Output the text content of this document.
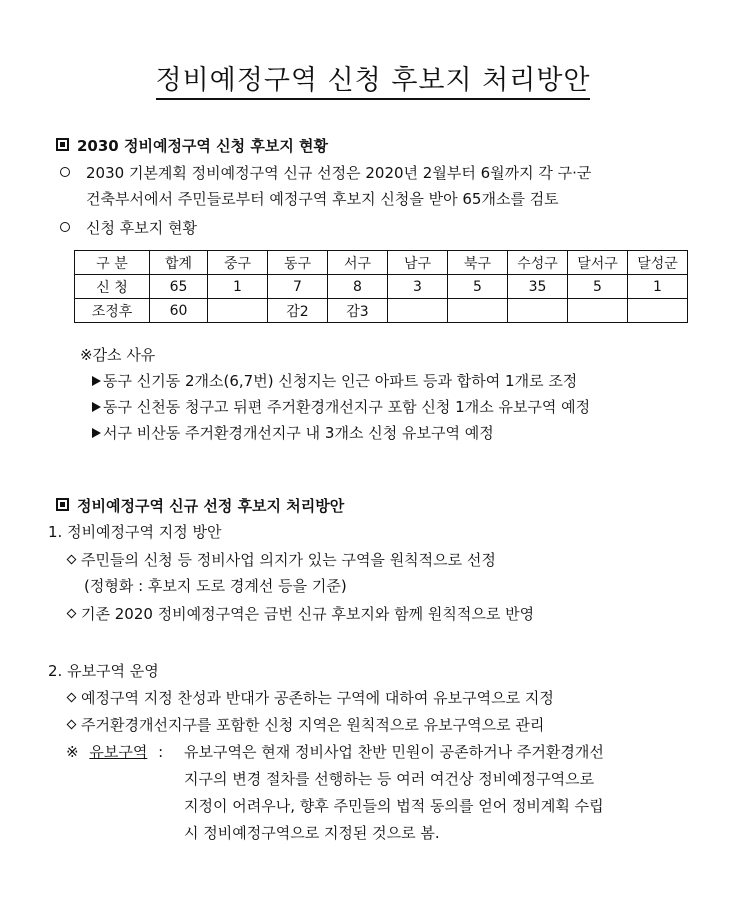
정비예정구역 신청 후보지 처리방안
2030 정비예정구역 신청 후보지 현황
2030 기본계획 정비예정구역 신규 선정은 2020년 2월부터 6월까지 각 구·군
건축부서에서 주민들로부터 예정구역 후보지 신청을 받아 65개소를 검토
신청 후보지 현황
구 분	합계	중구	동구	서구	남구	북구	수성구	달서구	달성군
신 청	65	1	7	8	3	5	35	5	1
조정후	60		감2	감3					
※감소 사유
동구 신기동 2개소(6,7번) 신청지는 인근 아파트 등과 합하여 1개로 조정
동구 신천동 청구고 뒤편 주거환경개선지구 포함 신청 1개소 유보구역 예정
서구 비산동 주거환경개선지구 내 3개소 신청 유보구역 예정
정비예정구역 신규 선정 후보지 처리방안
1. 정비예정구역 지정 방안
주민들의 신청 등 정비사업 의지가 있는 구역을 원칙적으로 선정
(정형화 : 후보지 도로 경계선 등을 기준)
기존 2020 정비예정구역은 금번 신규 후보지와 함께 원칙적으로 반영
2. 유보구역 운영
예정구역 지정 찬성과 반대가 공존하는 구역에 대하여 유보구역으로 지정
주거환경개선지구를 포함한 신청 지역은 원칙적으로 유보구역으로 관리
※ 유보구역 : 유보구역은 현재 정비사업 찬반 민원이 공존하거나 주거환경개선
지구의 변경 절차를 선행하는 등 여러 여건상 정비예정구역으로
지정이 어려우나, 향후 주민들의 법적 동의를 얻어 정비계획 수립
시 정비예정구역으로 지정된 것으로 봄.
